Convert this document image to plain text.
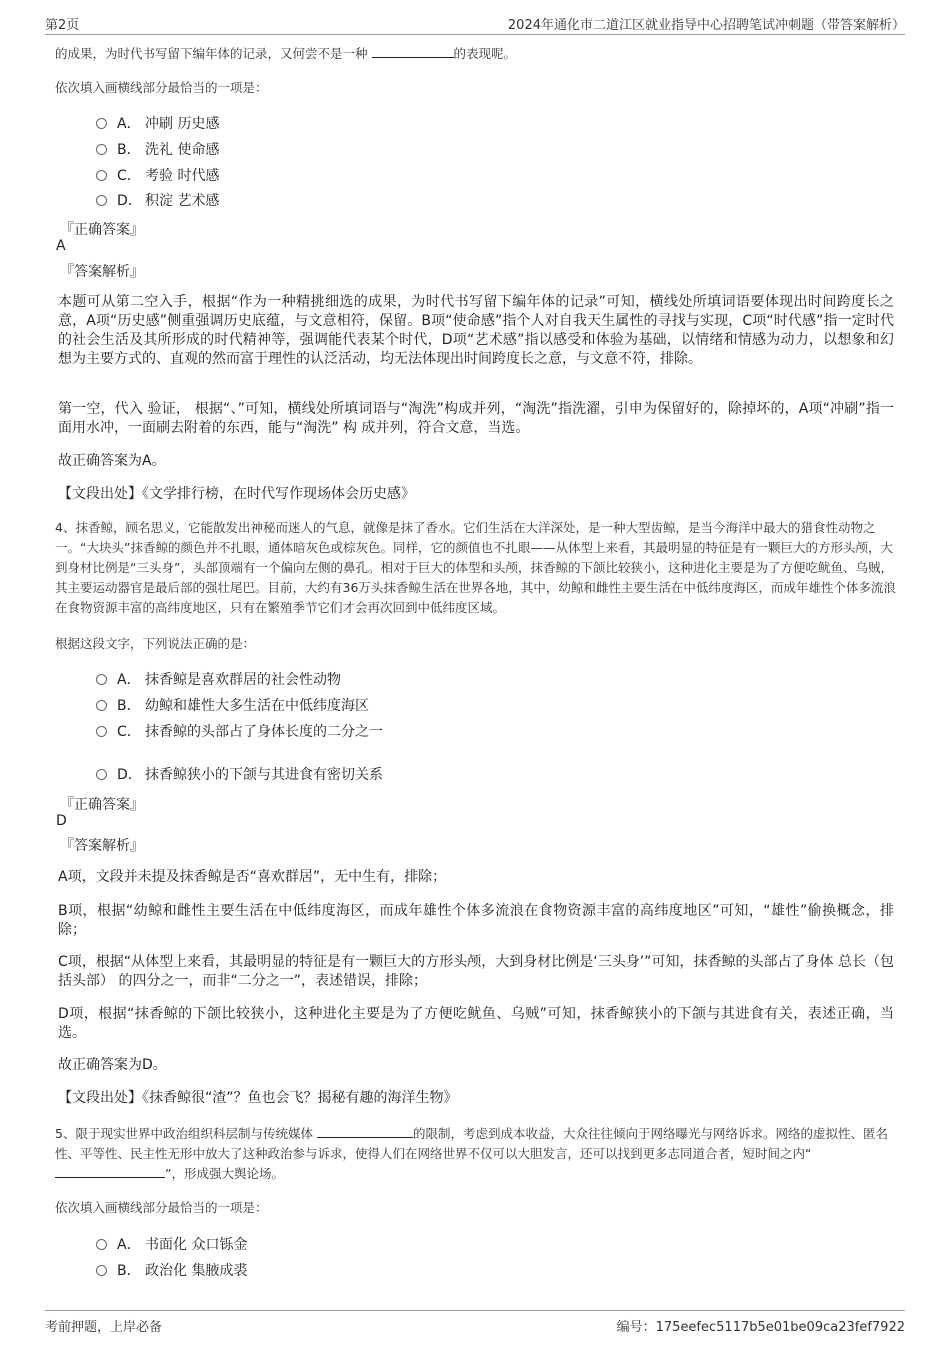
第2页	2024年通化市二道江区就业指导中心招聘笔试冲刺题（带答案解析）
的成果，为时代书写留下编年体的记录，又何尝不是一种	的表现呢。
依次填入画横线部分最恰当的一项是：
A． 冲刷 历史感
B． 洗礼 使命感
C． 考验 时代感
D． 积淀 艺术感
『正确答案』
A
『答案解析』
本题可从第二空入手，根据“作为一种精挑细选的成果，为时代书写留下编年体的记录”可知，横线处所填词语要体现出时间跨度长之意，A项“历史感”侧重强调历史底蕴，与文意相符，保留。B项“使命感”指个人对自我天生属性的寻找与实现，C项“时代感”指一定时代的社会生活及其所形成的时代精神等，强调能代表某个时代，D项“艺术感”指以感受和体验为基础，以情绪和情感为动力，以想象和幻想为主要方式的、直观的然而富于理性的认泛活动，均无法体现出时间跨度长之意，与文意不符，排除。
第一空，代入 验证， 根据“、”可知，横线处所填词语与“淘洗”构成并列，“淘洗”指洗濯，引申为保留好的，除掉坏的，A项“冲刷”指一面用水冲，一面刷去附着的东西，能与“淘洗” 构 成并列，符合文意，当选。
故正确答案为A。
【文段出处】《文学排行榜，在时代写作现场体会历史感》
4、抹香鲸，顾名思义，它能散发出神秘而迷人的气息，就像是抹了香水。它们生活在大洋深处，是一种大型齿鲸，是当今海洋中最大的猎食性动物之一。“大块头”抹香鲸的颜色并不扎眼，通体暗灰色或棕灰色。同样，它的颜值也不扎眼——从体型上来看，其最明显的特征是有一颗巨大的方形头颅，大到身材比例是“三头身”，头部顶端有一个偏向左侧的鼻孔。相对于巨大的体型和头颅，抹香鲸的下颌比较狭小，这种进化主要是为了方便吃鱿鱼、乌贼，其主要运动器官是最后部的强壮尾巴。目前，大约有36万头抹香鲸生活在世界各地，其中，幼鲸和雌性主要生活在中低纬度海区，而成年雄性个体多流浪在食物资源丰富的高纬度地区，只有在繁殖季节它们才会再次回到中低纬度区域。
根据这段文字，下列说法正确的是：
A． 抹香鲸是喜欢群居的社会性动物
B． 幼鲸和雄性大多生活在中低纬度海区
C． 抹香鲸的头部占了身体长度的二分之一
D． 抹香鲸狭小的下颌与其进食有密切关系
『正确答案』
D
『答案解析』
A项，文段并未提及抹香鲸是否“喜欢群居”，无中生有，排除；
B项，根据“幼鲸和雌性主要生活在中低纬度海区，而成年雄性个体多流浪在食物资源丰富的高纬度地区”可知，“雄性”偷换概念，排除；
C项，根据“从体型上来看，其最明显的特征是有一颗巨大的方形头颅，大到身材比例是‘三头身’”可知，抹香鲸的头部占了身体 总长（包括头部） 的四分之一，而非“二分之一”，表述错误，排除；
D项，根据“抹香鲸的下颌比较狭小，这种进化主要是为了方便吃鱿鱼、乌贼”可知，抹香鲸狭小的下颌与其进食有关，表述正确，当选。
故正确答案为D。
【文段出处】《抹香鲸很“渣”？鱼也会飞？揭秘有趣的海洋生物》
5、限于现实世界中政治组织科层制与传统媒体	的限制，考虑到成本收益，大众往往倾向于网络曝光与网络诉求。网络的虚拟性、匿名性、平等性、民主性无形中放大了这种政治参与诉求，使得人们在网络世界不仅可以大胆发言，还可以找到更多志同道合者，短时间之内“”，形成强大舆论场。
依次填入画横线部分最恰当的一项是：
A． 书面化 众口铄金
B． 政治化 集腋成裘
考前押题，上岸必备	编号：175eefec5117b5e01be09ca23fef7922
